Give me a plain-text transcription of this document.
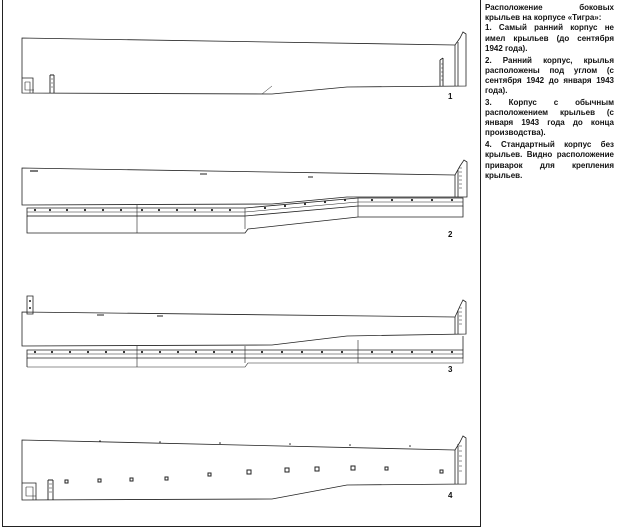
1
2
3
4

Расположение боковых крыльев на корпусе «Тигра»:

1. Самый ранний корпус не имел крыльев (до сентября 1942 года).

2. Ранний корпус, крылья расположены под углом (с сентября 1942 до января 1943 года).

3. Корпус с обычным расположением крыльев (с января 1943 года до конца производства).

4. Стандартный корпус без крыльев. Видно расположение приварок для крепления крыльев.
